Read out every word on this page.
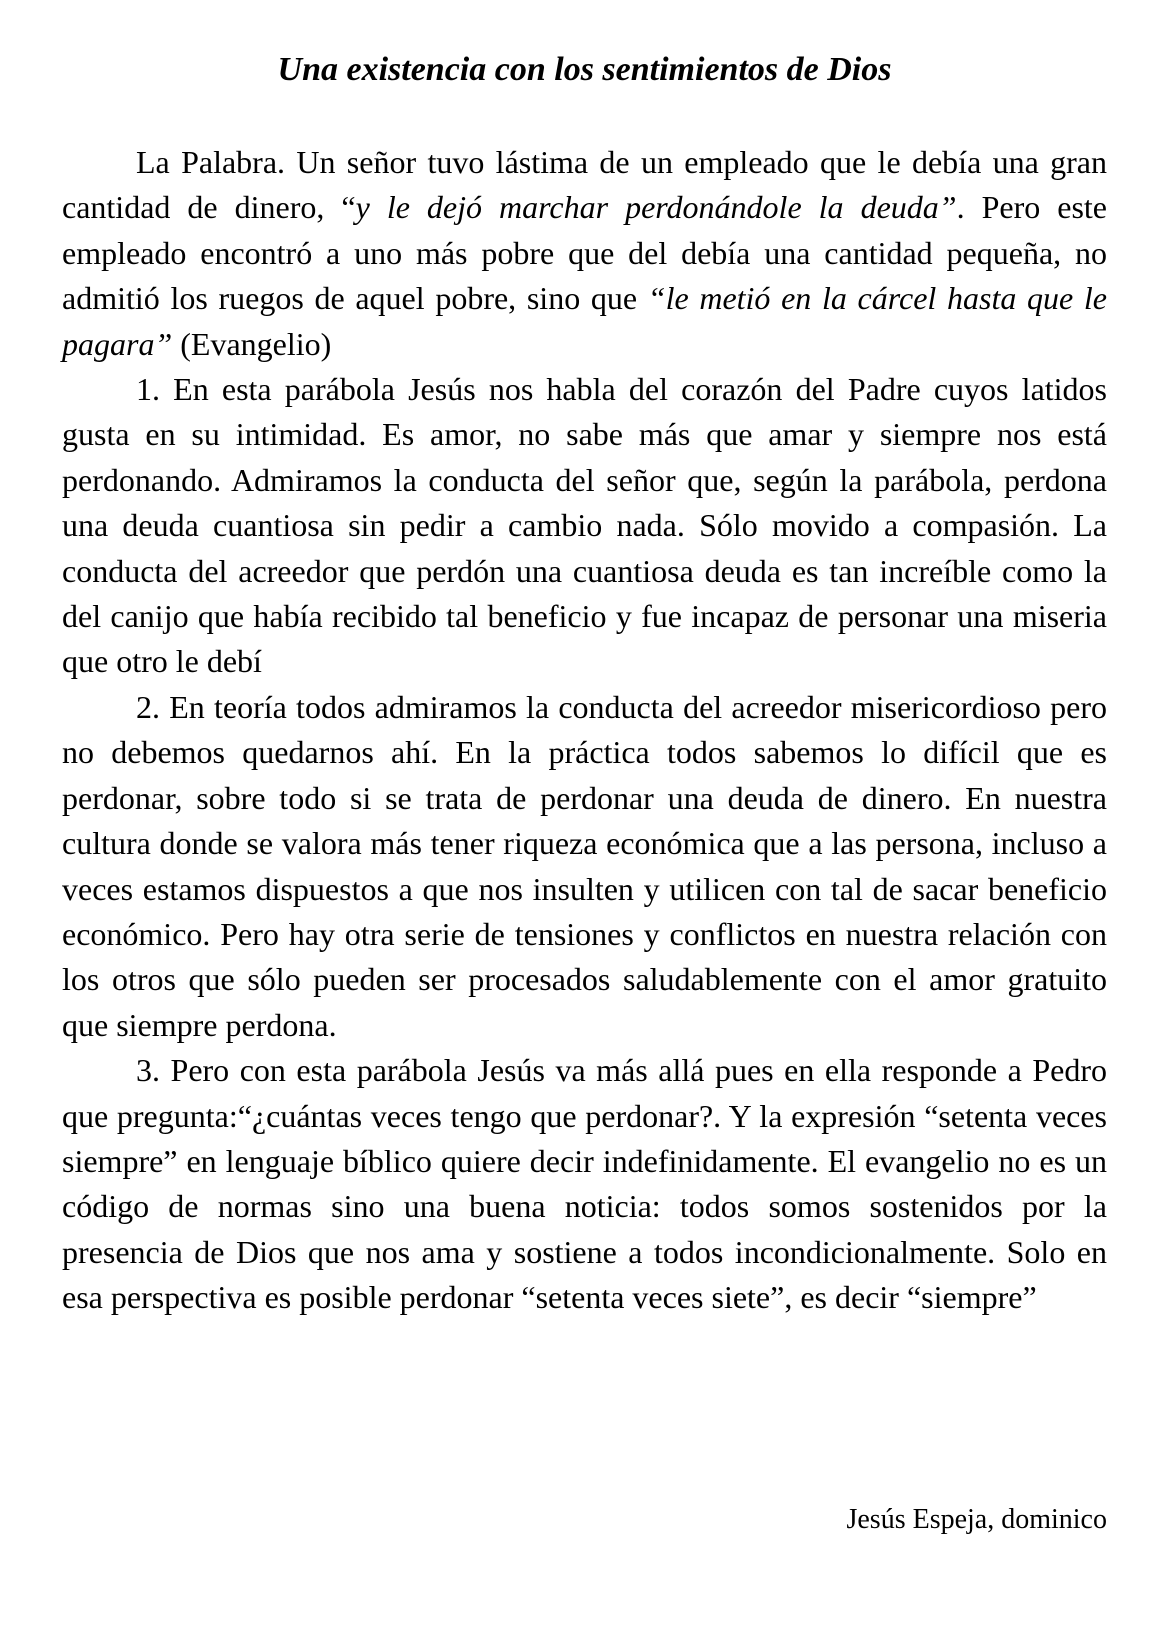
Una existencia con los sentimientos de Dios

La Palabra. Un señor tuvo lástima de un empleado que le debía una gran cantidad de dinero, “y le dejó marchar perdonándole la deuda”. Pero este empleado encontró a uno más pobre que del debía una cantidad pequeña, no admitió los ruegos de aquel pobre, sino que “le metió en la cárcel hasta que le pagara” (Evangelio)

1. En esta parábola Jesús nos habla del corazón del Padre cuyos latidos gusta en su intimidad. Es amor, no sabe más que amar y siempre nos está perdonando. Admiramos la conducta del señor que, según la parábola, perdona una deuda cuantiosa sin pedir a cambio nada. Sólo movido a compasión. La conducta del acreedor que perdón una cuantiosa deuda es tan increíble como la del canijo que había recibido tal beneficio y fue incapaz de personar una miseria que otro le debí

2. En teoría todos admiramos la conducta del acreedor misericordioso pero no debemos quedarnos ahí. En la práctica todos sabemos lo difícil que es perdonar, sobre todo si se trata de perdonar una deuda de dinero. En nuestra cultura donde se valora más tener riqueza económica que a las persona, incluso a veces estamos dispuestos a que nos insulten y utilicen con tal de sacar beneficio económico. Pero hay otra serie de tensiones y conflictos en nuestra relación con los otros que sólo pueden ser procesados saludablemente con el amor gratuito que siempre perdona.

3. Pero con esta parábola Jesús va más allá pues en ella responde a Pedro que pregunta:“¿cuántas veces tengo que perdonar?. Y la expresión “setenta veces siempre” en lenguaje bíblico quiere decir indefinidamente. El evangelio no es un código de normas sino una buena noticia: todos somos sostenidos por la presencia de Dios que nos ama y sostiene a todos incondicionalmente. Solo en esa perspectiva es posible perdonar “setenta veces siete”, es decir “siempre”

Jesús Espeja, dominico
